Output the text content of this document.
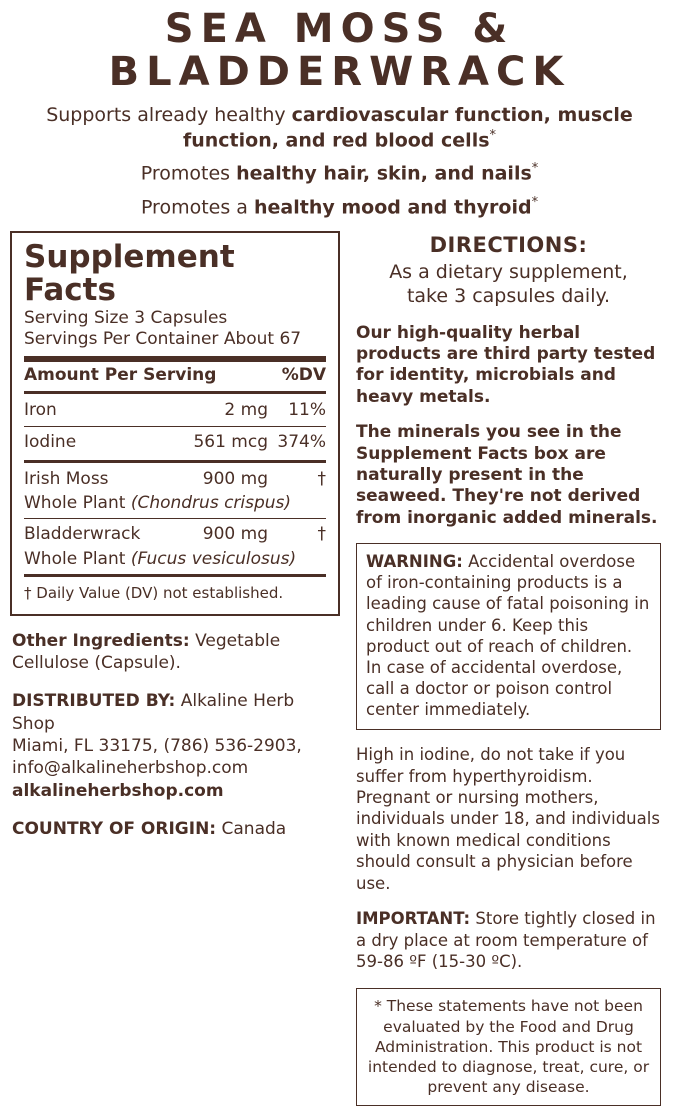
SEA MOSS &
BLADDERWRACK
Supports already healthy cardiovascular function, muscle function, and red blood cells*
Promotes healthy hair, skin, and nails*
Promotes a healthy mood and thyroid*
Supplement Facts
Serving Size 3 Capsules
Servings Per Container About 67
Amount Per Serving	%DV
Iron	2 mg	11%
Iodine	561 mcg 374%
Irish Moss	900 mg	†
Whole Plant (Chondrus crispus)
Bladderwrack	900 mg	†
Whole Plant (Fucus vesiculosus)
† Daily Value (DV) not established.
Other Ingredients: Vegetable Cellulose (Capsule).
DISTRIBUTED BY: Alkaline Herb Shop
Miami, FL 33175, (786) 536-2903,
info@alkalineherbshop.com
alkalineherbshop.com
COUNTRY OF ORIGIN: Canada
DIRECTIONS:
As a dietary supplement,
take 3 capsules daily.
Our high-quality herbal products are third party tested for identity, microbials and heavy metals.
The minerals you see in the Supplement Facts box are naturally present in the seaweed. They're not derived from inorganic added minerals.
WARNING: Accidental overdose of iron-containing products is a leading cause of fatal poisoning in children under 6. Keep this product out of reach of children. In case of accidental overdose, call a doctor or poison control center immediately.
High in iodine, do not take if you suffer from hyperthyroidism. Pregnant or nursing mothers, individuals under 18, and individuals with known medical conditions should consult a physician before use.
IMPORTANT: Store tightly closed in a dry place at room temperature of 59-86 ºF (15-30 ºC).
* These statements have not been evaluated by the Food and Drug Administration. This product is not intended to diagnose, treat, cure, or prevent any disease.
